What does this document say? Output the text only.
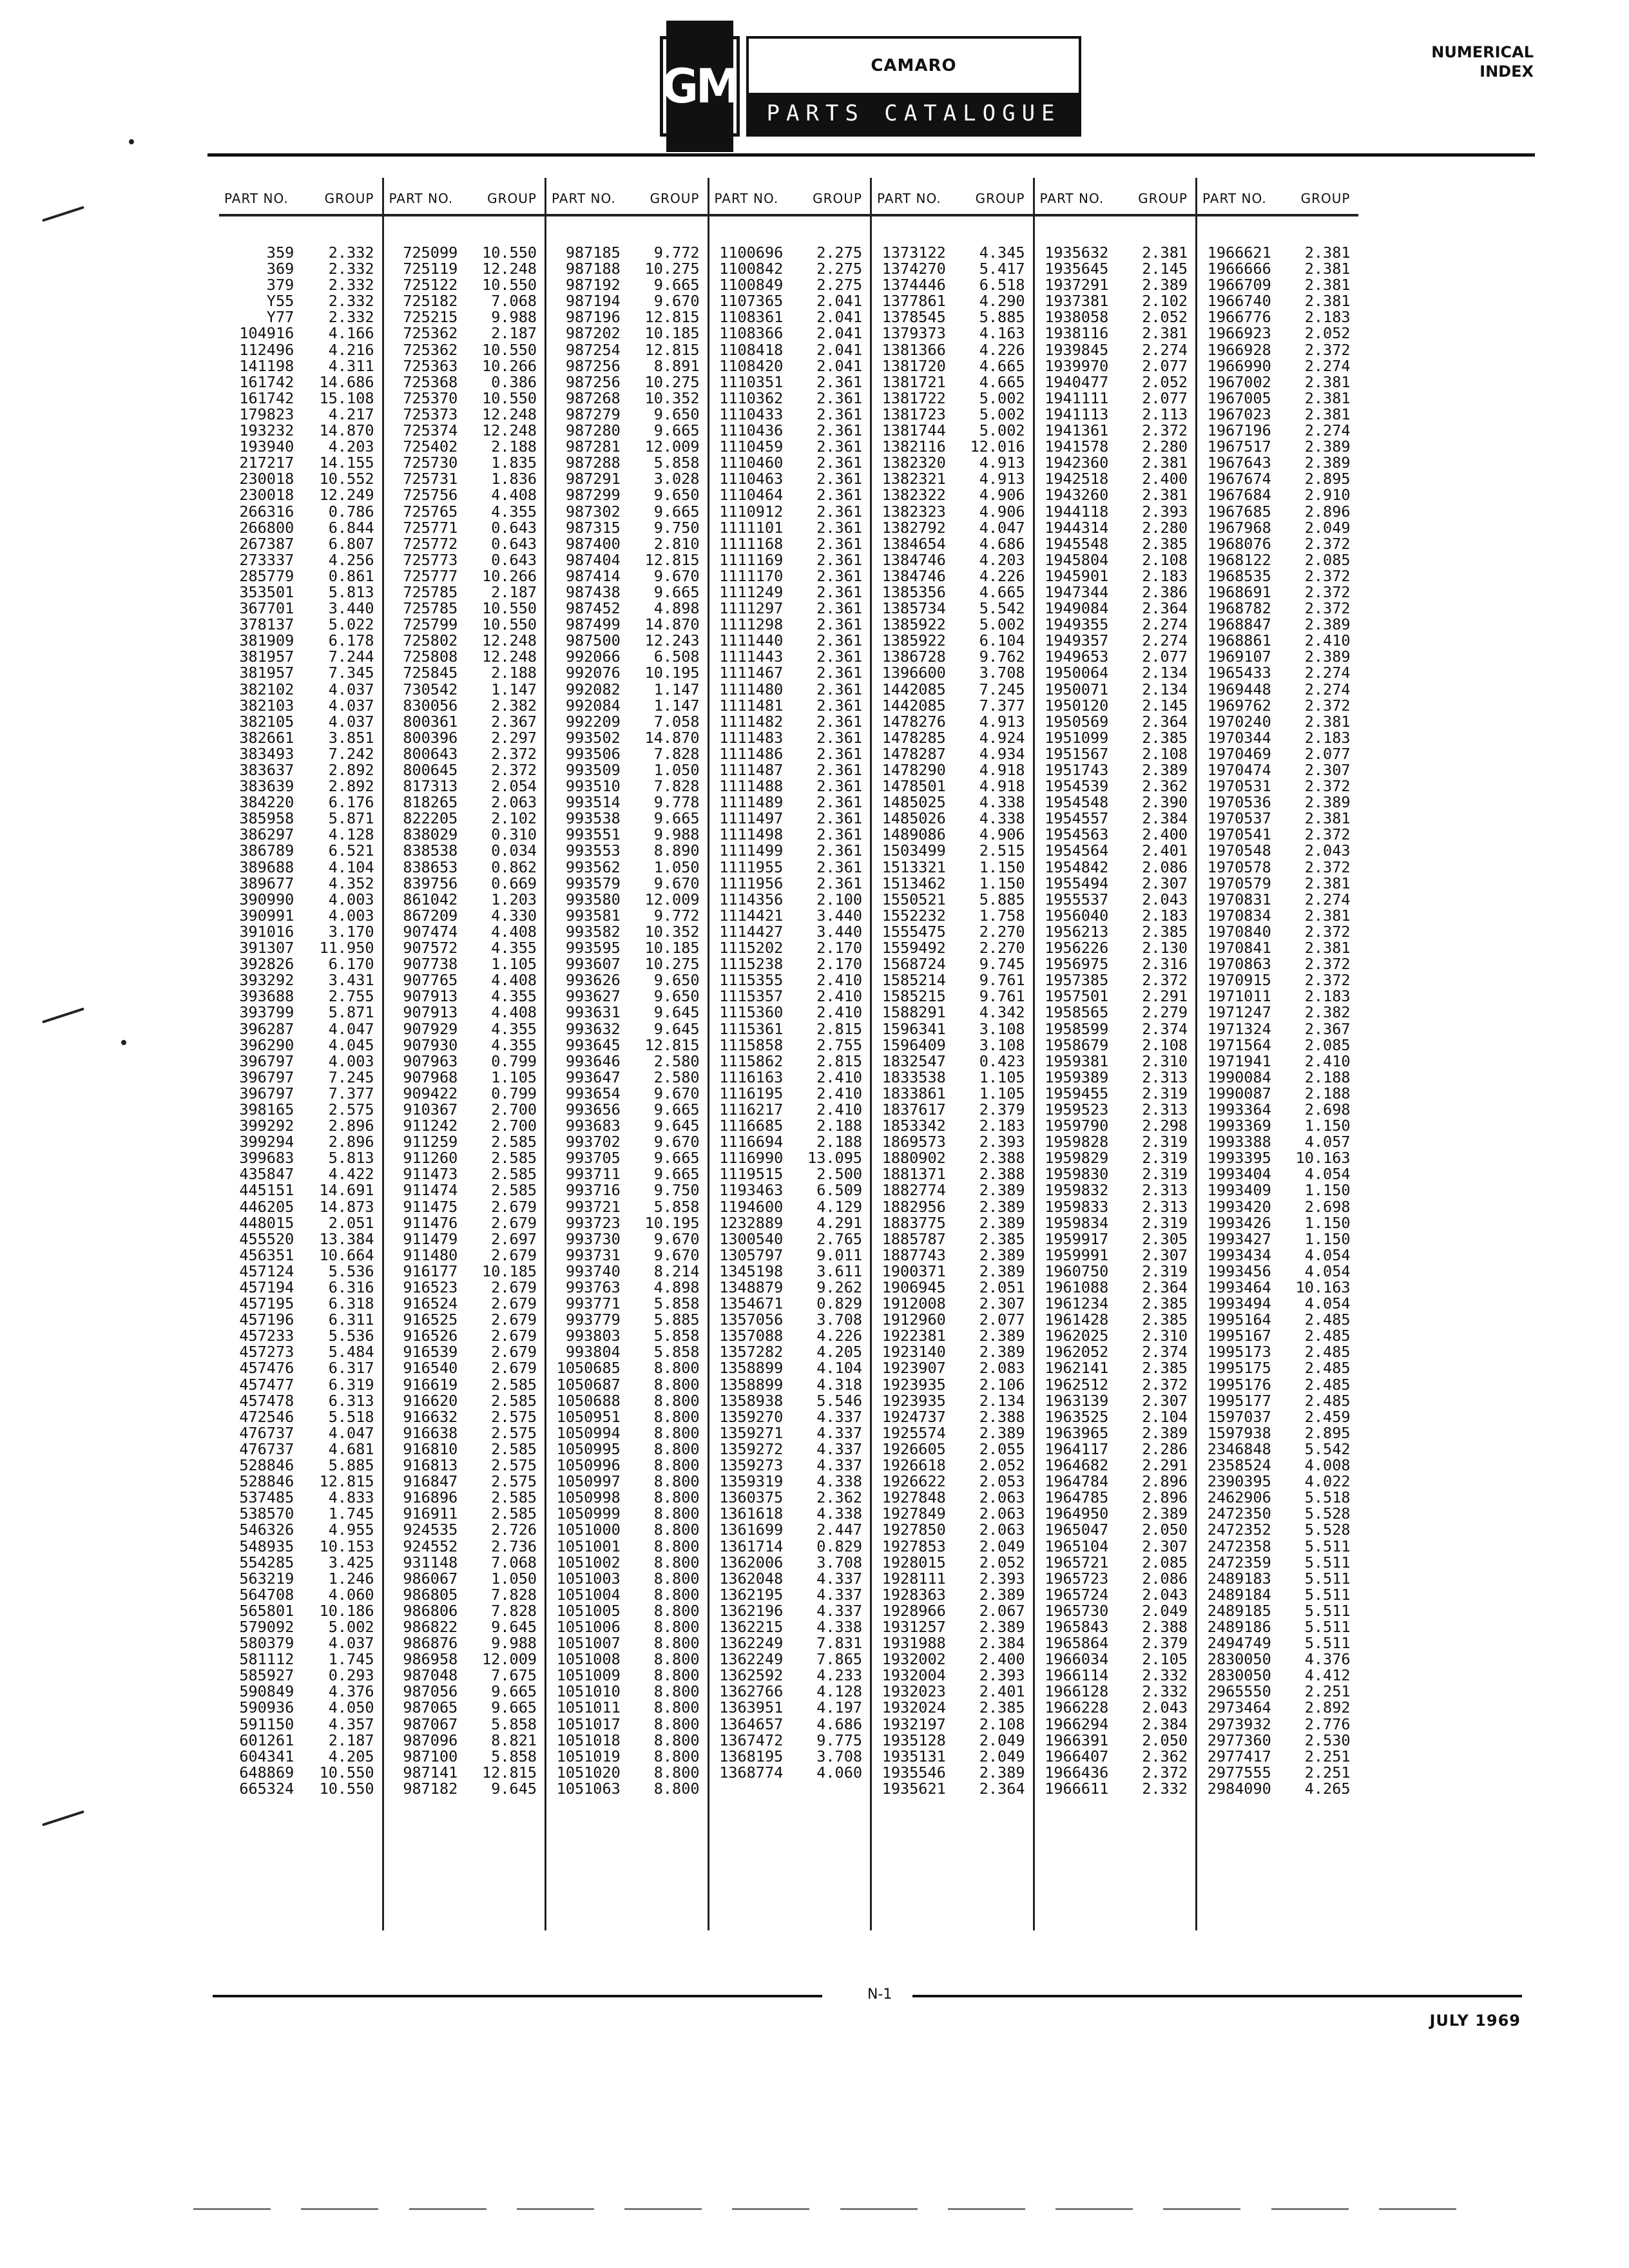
GM	CAMARO
PARTS CATALOGUE
NUMERICAL
INDEX
PART NO.	GROUP
359	2.332
369	2.332
379	2.332
Y55	2.332
Y77	2.332
104916	4.166
112496	4.216
141198	4.311
161742	14.686
161742	15.108
179823	4.217
193232	14.870
193940	4.203
217217	14.155
230018	10.552
230018	12.249
266316	0.786
266800	6.844
267387	6.807
273337	4.256
285779	0.861
353501	5.813
367701	3.440
378137	5.022
381909	6.178
381957	7.244
381957	7.345
382102	4.037
382103	4.037
382105	4.037
382661	3.851
383493	7.242
383637	2.892
383639	2.892
384220	6.176
385958	5.871
386297	4.128
386789	6.521
389688	4.104
389677	4.352
390990	4.003
390991	4.003
391016	3.170
391307	11.950
392826	6.170
393292	3.431
393688	2.755
393799	5.871
396287	4.047
396290	4.045
396797	4.003
396797	7.245
396797	7.377
398165	2.575
399292	2.896
399294	2.896
399683	5.813
435847	4.422
445151	14.691
446205	14.873
448015	2.051
455520	13.384
456351	10.664
457124	5.536
457194	6.316
457195	6.318
457196	6.311
457233	5.536
457273	5.484
457476	6.317
457477	6.319
457478	6.313
472546	5.518
476737	4.047
476737	4.681
528846	5.885
528846	12.815
537485	4.833
538570	1.745
546326	4.955
548935	10.153
554285	3.425
563219	1.246
564708	4.060
565801	10.186
579092	5.002
580379	4.037
581112	1.745
585927	0.293
590849	4.376
590936	4.050
591150	4.357
601261	2.187
604341	4.205
648869	10.550
665324	10.550
PART NO.	GROUP
725099	10.550
725119	12.248
725122	10.550
725182	7.068
725215	9.988
725362	2.187
725362	10.550
725363	10.266
725368	0.386
725370	10.550
725373	12.248
725374	12.248
725402	2.188
725730	1.835
725731	1.836
725756	4.408
725765	4.355
725771	0.643
725772	0.643
725773	0.643
725777	10.266
725785	2.187
725785	10.550
725799	10.550
725802	12.248
725808	12.248
725845	2.188
730542	1.147
830056	2.382
800361	2.367
800396	2.297
800643	2.372
800645	2.372
817313	2.054
818265	2.063
822205	2.102
838029	0.310
838538	0.034
838653	0.862
839756	0.669
861042	1.203
867209	4.330
907474	4.408
907572	4.355
907738	1.105
907765	4.408
907913	4.355
907913	4.408
907929	4.355
907930	4.355
907963	0.799
907968	1.105
909422	0.799
910367	2.700
911242	2.700
911259	2.585
911260	2.585
911473	2.585
911474	2.585
911475	2.679
911476	2.679
911479	2.697
911480	2.679
916177	10.185
916523	2.679
916524	2.679
916525	2.679
916526	2.679
916539	2.679
916540	2.679
916619	2.585
916620	2.585
916632	2.575
916638	2.575
916810	2.585
916813	2.575
916847	2.575
916896	2.585
916911	2.585
924535	2.726
924552	2.736
931148	7.068
986067	1.050
986805	7.828
986806	7.828
986822	9.645
986876	9.988
986958	12.009
987048	7.675
987056	9.665
987065	9.665
987067	5.858
987096	8.821
987100	5.858
987141	12.815
987182	9.645
PART NO.	GROUP
987185	9.772
987188	10.275
987192	9.665
987194	9.670
987196	12.815
987202	10.185
987254	12.815
987256	8.891
987256	10.275
987268	10.352
987279	9.650
987280	9.665
987281	12.009
987288	5.858
987291	3.028
987299	9.650
987302	9.665
987315	9.750
987400	2.810
987404	12.815
987414	9.670
987438	9.665
987452	4.898
987499	14.870
987500	12.243
992066	6.508
992076	10.195
992082	1.147
992084	1.147
992209	7.058
993502	14.870
993506	7.828
993509	1.050
993510	7.828
993514	9.778
993538	9.665
993551	9.988
993553	8.890
993562	1.050
993579	9.670
993580	12.009
993581	9.772
993582	10.352
993595	10.185
993607	10.275
993626	9.650
993627	9.650
993631	9.645
993632	9.645
993645	12.815
993646	2.580
993647	2.580
993654	9.670
993656	9.665
993683	9.645
993702	9.670
993705	9.665
993711	9.665
993716	9.750
993721	5.858
993723	10.195
993730	9.670
993731	9.670
993740	8.214
993763	4.898
993771	5.858
993779	5.885
993803	5.858
993804	5.858
1050685	8.800
1050687	8.800
1050688	8.800
1050951	8.800
1050994	8.800
1050995	8.800
1050996	8.800
1050997	8.800
1050998	8.800
1050999	8.800
1051000	8.800
1051001	8.800
1051002	8.800
1051003	8.800
1051004	8.800
1051005	8.800
1051006	8.800
1051007	8.800
1051008	8.800
1051009	8.800
1051010	8.800
1051011	8.800
1051017	8.800
1051018	8.800
1051019	8.800
1051020	8.800
1051063	8.800
PART NO.	GROUP
1100696	2.275
1100842	2.275
1100849	2.275
1107365	2.041
1108361	2.041
1108366	2.041
1108418	2.041
1108420	2.041
1110351	2.361
1110362	2.361
1110433	2.361
1110436	2.361
1110459	2.361
1110460	2.361
1110463	2.361
1110464	2.361
1110912	2.361
1111101	2.361
1111168	2.361
1111169	2.361
1111170	2.361
1111249	2.361
1111297	2.361
1111298	2.361
1111440	2.361
1111443	2.361
1111467	2.361
1111480	2.361
1111481	2.361
1111482	2.361
1111483	2.361
1111486	2.361
1111487	2.361
1111488	2.361
1111489	2.361
1111497	2.361
1111498	2.361
1111499	2.361
1111955	2.361
1111956	2.361
1114356	2.100
1114421	3.440
1114427	3.440
1115202	2.170
1115238	2.170
1115355	2.410
1115357	2.410
1115360	2.410
1115361	2.815
1115858	2.755
1115862	2.815
1116163	2.410
1116195	2.410
1116217	2.410
1116685	2.188
1116694	2.188
1116990	13.095
1119515	2.500
1193463	6.509
1194600	4.129
1232889	4.291
1300540	2.765
1305797	9.011
1345198	3.611
1348879	9.262
1354671	0.829
1357056	3.708
1357088	4.226
1357282	4.205
1358899	4.104
1358899	4.318
1358938	5.546
1359270	4.337
1359271	4.337
1359272	4.337
1359273	4.337
1359319	4.338
1360375	2.362
1361618	4.338
1361699	2.447
1361714	0.829
1362006	3.708
1362048	4.337
1362195	4.337
1362196	4.337
1362215	4.338
1362249	7.831
1362249	7.865
1362592	4.233
1362766	4.128
1363951	4.197
1364657	4.686
1367472	9.775
1368195	3.708
1368774	4.060
PART NO.	GROUP
1373122	4.345
1374270	5.417
1374446	6.518
1377861	4.290
1378545	5.885
1379373	4.163
1381366	4.226
1381720	4.665
1381721	4.665
1381722	5.002
1381723	5.002
1381744	5.002
1382116	12.016
1382320	4.913
1382321	4.913
1382322	4.906
1382323	4.906
1382792	4.047
1384654	4.686
1384746	4.203
1384746	4.226
1385356	4.665
1385734	5.542
1385922	5.002
1385922	6.104
1386728	9.762
1396600	3.708
1442085	7.245
1442085	7.377
1478276	4.913
1478285	4.924
1478287	4.934
1478290	4.918
1478501	4.918
1485025	4.338
1485026	4.338
1489086	4.906
1503499	2.515
1513321	1.150
1513462	1.150
1550521	5.885
1552232	1.758
1555475	2.270
1559492	2.270
1568724	9.745
1585214	9.761
1585215	9.761
1588291	4.342
1596341	3.108
1596409	3.108
1832547	0.423
1833538	1.105
1833861	1.105
1837617	2.379
1853342	2.183
1869573	2.393
1880902	2.388
1881371	2.388
1882774	2.389
1882956	2.389
1883775	2.389
1885787	2.385
1887743	2.389
1900371	2.389
1906945	2.051
1912008	2.307
1912960	2.077
1922381	2.389
1923140	2.389
1923907	2.083
1923935	2.106
1923935	2.134
1924737	2.388
1925574	2.389
1926605	2.055
1926618	2.052
1926622	2.053
1927848	2.063
1927849	2.063
1927850	2.063
1927853	2.049
1928015	2.052
1928111	2.393
1928363	2.389
1928966	2.067
1931257	2.389
1931988	2.384
1932002	2.400
1932004	2.393
1932023	2.401
1932024	2.385
1932197	2.108
1935128	2.049
1935131	2.049
1935546	2.389
1935621	2.364
PART NO.	GROUP
1935632	2.381
1935645	2.145
1937291	2.389
1937381	2.102
1938058	2.052
1938116	2.381
1939845	2.274
1939970	2.077
1940477	2.052
1941111	2.077
1941113	2.113
1941361	2.372
1941578	2.280
1942360	2.381
1942518	2.400
1943260	2.381
1944118	2.393
1944314	2.280
1945548	2.385
1945804	2.108
1945901	2.183
1947344	2.386
1949084	2.364
1949355	2.274
1949357	2.274
1949653	2.077
1950064	2.134
1950071	2.134
1950120	2.145
1950569	2.364
1951099	2.385
1951567	2.108
1951743	2.389
1954539	2.362
1954548	2.390
1954557	2.384
1954563	2.400
1954564	2.401
1954842	2.086
1955494	2.307
1955537	2.043
1956040	2.183
1956213	2.385
1956226	2.130
1956975	2.316
1957385	2.372
1957501	2.291
1958565	2.279
1958599	2.374
1958679	2.108
1959381	2.310
1959389	2.313
1959455	2.319
1959523	2.313
1959790	2.298
1959828	2.319
1959829	2.319
1959830	2.319
1959832	2.313
1959833	2.313
1959834	2.319
1959917	2.305
1959991	2.307
1960750	2.319
1961088	2.364
1961234	2.385
1961428	2.385
1962025	2.310
1962052	2.374
1962141	2.385
1962512	2.372
1963139	2.307
1963525	2.104
1963965	2.389
1964117	2.286
1964682	2.291
1964784	2.896
1964785	2.896
1964950	2.389
1965047	2.050
1965104	2.307
1965721	2.085
1965723	2.086
1965724	2.043
1965730	2.049
1965843	2.388
1965864	2.379
1966034	2.105
1966114	2.332
1966128	2.332
1966228	2.043
1966294	2.384
1966391	2.050
1966407	2.362
1966436	2.372
1966611	2.332
PART NO.	GROUP
1966621	2.381
1966666	2.381
1966709	2.381
1966740	2.381
1966776	2.183
1966923	2.052
1966928	2.372
1966990	2.274
1967002	2.381
1967005	2.381
1967023	2.381
1967196	2.274
1967517	2.389
1967643	2.389
1967674	2.895
1967684	2.910
1967685	2.896
1967968	2.049
1968076	2.372
1968122	2.085
1968535	2.372
1968691	2.372
1968782	2.372
1968847	2.389
1968861	2.410
1969107	2.389
1965433	2.274
1969448	2.274
1969762	2.372
1970240	2.381
1970344	2.183
1970469	2.077
1970474	2.307
1970531	2.372
1970536	2.389
1970537	2.381
1970541	2.372
1970548	2.043
1970578	2.372
1970579	2.381
1970831	2.274
1970834	2.381
1970840	2.372
1970841	2.381
1970863	2.372
1970915	2.372
1971011	2.183
1971247	2.382
1971324	2.367
1971564	2.085
1971941	2.410
1990084	2.188
1990087	2.188
1993364	2.698
1993369	1.150
1993388	4.057
1993395	10.163
1993404	4.054
1993409	1.150
1993420	2.698
1993426	1.150
1993427	1.150
1993434	4.054
1993456	4.054
1993464	10.163
1993494	4.054
1995164	2.485
1995167	2.485
1995173	2.485
1995175	2.485
1995176	2.485
1995177	2.485
1597037	2.459
1597938	2.895
2346848	5.542
2358524	4.008
2390395	4.022
2462906	5.518
2472350	5.528
2472352	5.528
2472358	5.511
2472359	5.511
2489183	5.511
2489184	5.511
2489185	5.511
2489186	5.511
2494749	5.511
2830050	4.376
2830050	4.412
2965550	2.251
2973464	2.892
2973932	2.776
2977360	2.530
2977417	2.251
2977555	2.251
2984090	4.265
N-1
JULY 1969
